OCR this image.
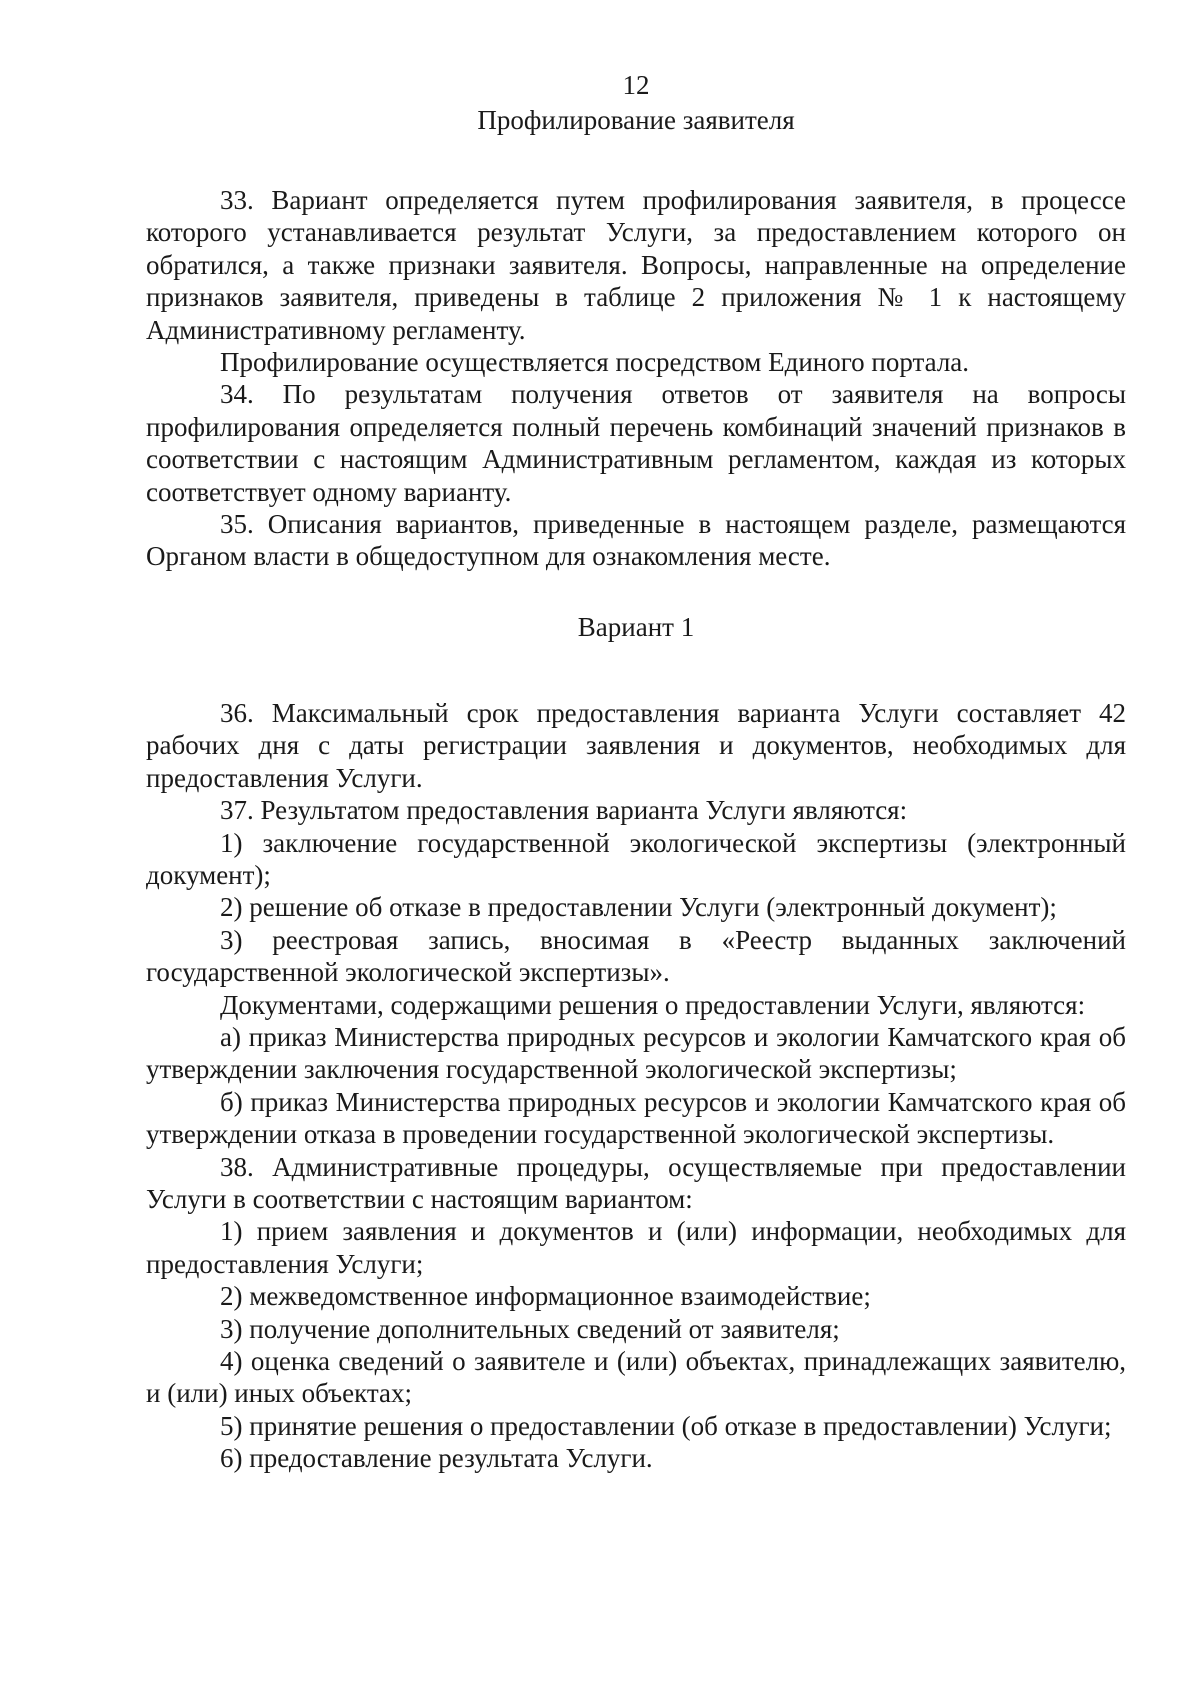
12

Профилирование заявителя

33. Вариант определяется путем профилирования заявителя, в процессе которого устанавливается результат Услуги, за предоставлением которого он обратился, а также признаки заявителя. Вопросы, направленные на определение признаков заявителя, приведены в таблице 2 приложения № 1 к настоящему Административному регламенту.

Профилирование осуществляется посредством Единого портала.

34. По результатам получения ответов от заявителя на вопросы профилирования определяется полный перечень комбинаций значений признаков в соответствии с настоящим Административным регламентом, каждая из которых соответствует одному варианту.

35. Описания вариантов, приведенные в настоящем разделе, размещаются Органом власти в общедоступном для ознакомления месте.

Вариант 1

36. Максимальный срок предоставления варианта Услуги составляет 42 рабочих дня с даты регистрации заявления и документов, необходимых для предоставления Услуги.

37. Результатом предоставления варианта Услуги являются:

1) заключение государственной экологической экспертизы (электронный документ);

2) решение об отказе в предоставлении Услуги (электронный документ);

3) реестровая запись, вносимая в «Реестр выданных заключений государственной экологической экспертизы».

Документами, содержащими решения о предоставлении Услуги, являются:

а) приказ Министерства природных ресурсов и экологии Камчатского края об утверждении заключения государственной экологической экспертизы;

б) приказ Министерства природных ресурсов и экологии Камчатского края об утверждении отказа в проведении государственной экологической экспертизы.

38. Административные процедуры, осуществляемые при предоставлении Услуги в соответствии с настоящим вариантом:

1) прием заявления и документов и (или) информации, необходимых для предоставления Услуги;

2) межведомственное информационное взаимодействие;

3) получение дополнительных сведений от заявителя;

4) оценка сведений о заявителе и (или) объектах, принадлежащих заявителю, и (или) иных объектах;

5) принятие решения о предоставлении (об отказе в предоставлении) Услуги;

6) предоставление результата Услуги.
